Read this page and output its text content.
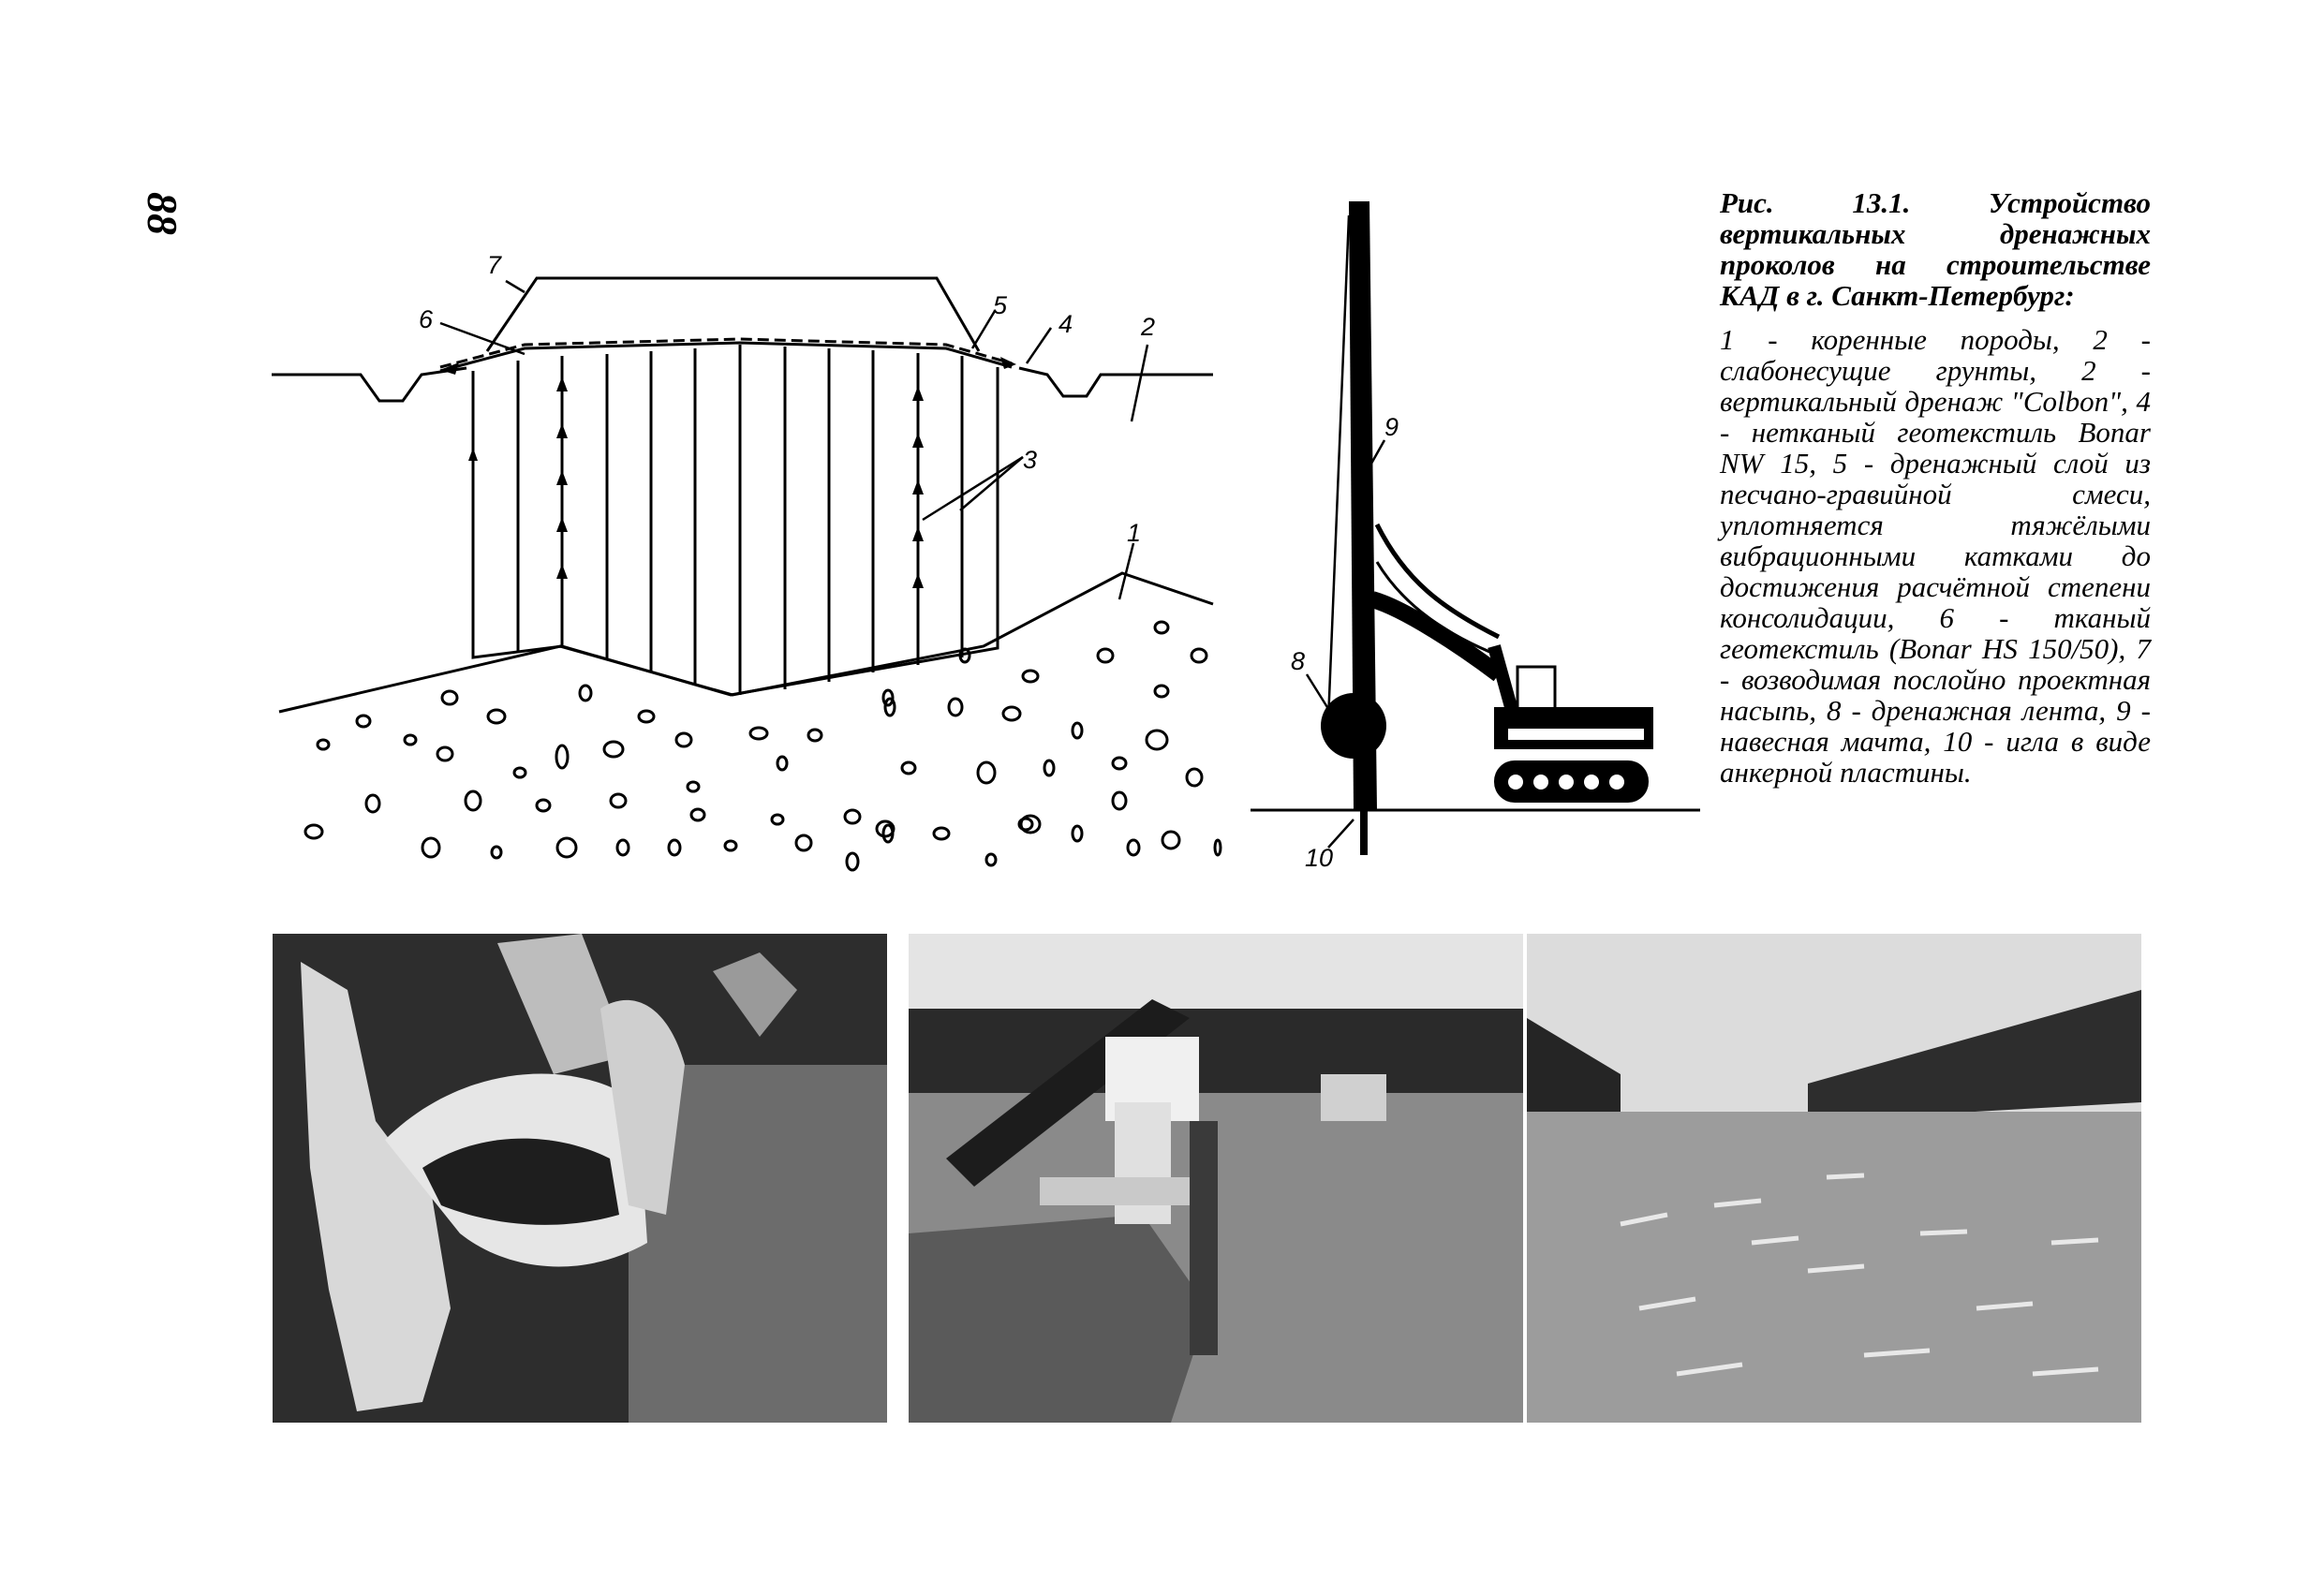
88
7
6	5
4	2
3
1
9
8
10
Рис. 13.1. Устройство вертикальных дренажных проколов на строительстве КАД в г. Санкт-Петербург:
1 - коренные породы, 2 - слабонесущие грунты, 2 - вертикальный дренаж "Colbon", 4 - нетканый геотекстиль Bonar NW 15, 5 - дренажный слой из песчано-гравийной смеси, уплотняется тяжёлыми вибрационными катками до достижения расчётной степени консолидации, 6 - тканый геотекстиль (Bonar HS 150/50), 7 - возводимая послойно проектная насыпь, 8 - дренажная лента, 9 - навесная мачта, 10 - игла в виде анкерной пластины.
